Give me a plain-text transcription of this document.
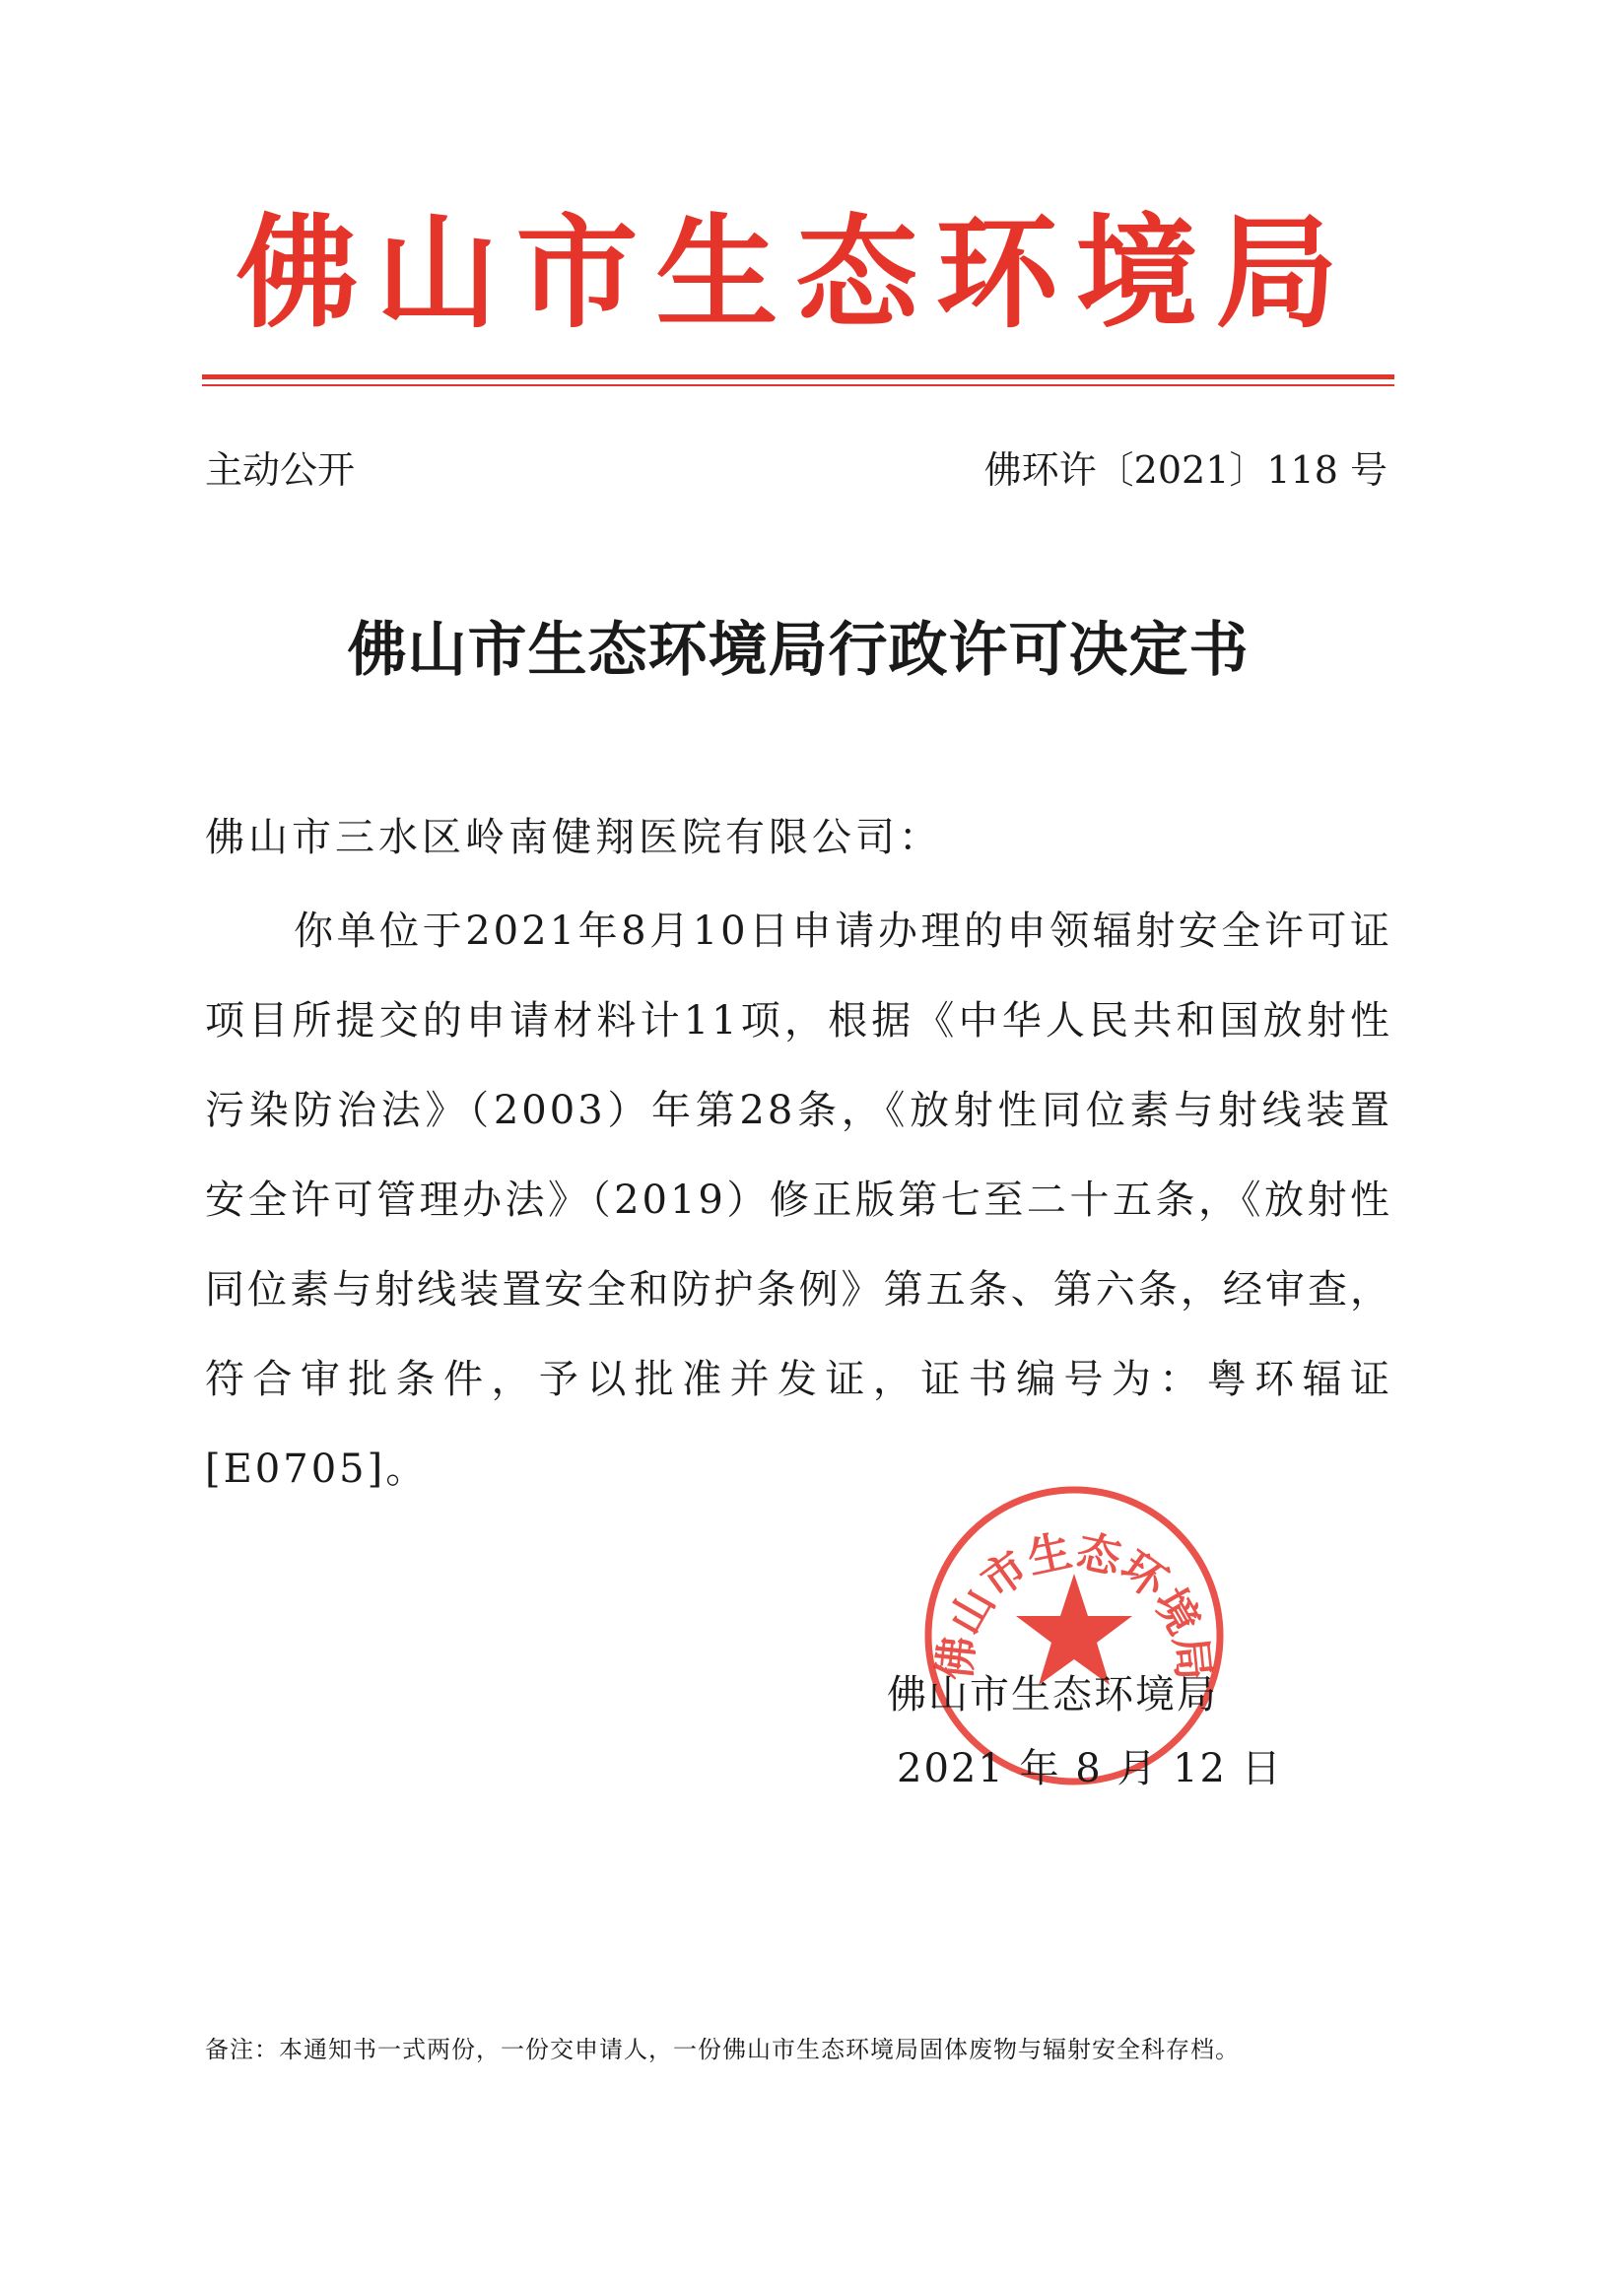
佛山市生态环境局
主动公开	佛环许〔2021〕118 号
佛山市生态环境局行政许可决定书
佛山市三水区岭南健翔医院有限公司：

你单位于2021年8月10日申请办理的申领辐射安全许可证项目所提交的申请材料计11项，根据《中华人民共和国放射性污染防治法》（2003）年第28条，《放射性同位素与射线装置安全许可管理办法》（2019）修正版第七至二十五条，《放射性同位素与射线装置安全和防护条例》第五条、第六条，经审查，符合审批条件，予以批准并发证，证书编号为：粤环辐证[E0705]。

佛山市生态环境局
佛山市生态环境局
2021 年 8 月 12 日
备注：本通知书一式两份，一份交申请人，一份佛山市生态环境局固体废物与辐射安全科存档。
